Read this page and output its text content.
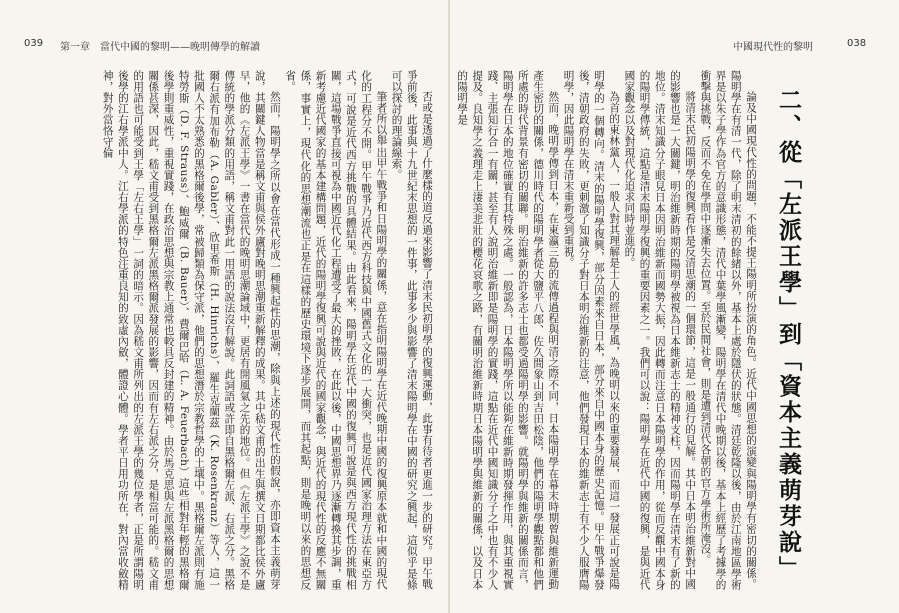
039 第一章　當代中國的黎明——晚明傳學的解讀

否或是透過了什麼樣的道反過來影響了清末民初明學的復興運動，此事有待者更進一步的研究。甲午戰爭前後，此事與十九世紀末思想的一件事，此事多少與影響了清末陽明學在中國的研究之興起，這似乎是條可以探討的理論線索。

筆者所以舉出甲午戰爭和日陽明學的關係，意在指明陽明學在近代晚期中國的復興原本就和中國的現代化的工程分不開。甲午戰爭乃近代西方科技與中國舊式文化的一大衝突，也是近代國家治理方法在東亞方式，可說是近代西方挑戰的具體結果。由此看來，陽明學在近代中國的復興可說是與西方現代性的挑戰相關，這場戰爭直接可視為中國近代化工程遭受了最大的挫敗，在此以後，中國思想界乃逐漸轉換其步調，重新考慮近代國家的基本建構問題，近代的陽明學復興可說與近代的國家觀念，與近代的現代性的反應不無關係，事實上，現代化的思想潮流也正是在這樣的歷史環境下逐步展開，而其起點，則是晚明以來的思想反省。

然而，陽明學之所以會在當代形成一種興起性的思潮，除與上述的現代性的假說，亦即資本主義萌芽說，其關鍵人物當是稱文甫與侯外廬對晚明思潮重新解釋的成果。其中嵇文甫的出生與撰文日期都比侯外廬早，他的《左派王學》一書在當代的晚明思潮論域中，更居有開風氣之先的地位。但《左派王學》之說不是傳統的學派分類的用語，稱文甫對此一用語的說法沒有解說。此詞語或許即自黑格爾左派、右派之分。黑格爾右派有加布勒（A. Gabler）、欣里希斯（H. Hinrichs）、羅生克蘭茲（K. Rosenkranz）等人，這一批國人不太熟悉的黑格爾後學，常被歸類為保守派，他們的思想潛於宗教哲學的土壤中。黑格爾左派則有施特勞斯（D. F. Strauss）、鮑威爾（B. Bauer）、費爾巴哈（L. A. Feuerbach）這些相對年輕的黑格爾後學則重威性，重視實踐，在政治思想與宗教上通常也較具反封建的精神。由於馬克思與左派黑格爾的思想關係甚深，因此，嵇文甫受到黑格爾左派黑格爾派發展的影響，因而有左右派之分，是相當可能的。嵇文甫的用語也可能受到王學「左右王學」一詞的暗示。因為嵇文甫所列出的左派王學的幾位學者，正是所謂陽明後學的江右學派中人。江右學派的特色注重良知的致虛內斂，體證心體。學者平日用功所在，對內當收斂精神，對外當恪守倫

中國現代性的黎明	038

論及中國現代性的問題，不能不提王陽明所扮演的角色。近代中國思想的演變與陽明學有密切的關係。陽明學在有清一代，除了明末清初的餘緒以外，基本上處於隱伏的狀態。清廷乾隆以後，由於江南地區學術界是以朱子學作為官方的意識形態，清代中葉學風漸變，陽明學在清代中晚期以後，基本上經歷了考據學的衝擊與挑戰，反而不免在學問中逐漸失去位置。至於民間社會，則是遭到清代各朝的官方學術所淹沒。

將清末民初陽明學的復興看作是反清思潮的一個環節，這是一般通行的見解。其中日本明治維新對中國的影響也是一大關鍵，明治維新時期的陽明學被視為日本維新志士的精神支柱，因而陽明學在清末有了新的地位。清末知識分子眼見日本因明治維新而國勢大振，因此轉而注意日本陽明學的作用，從而反觀中國本身的陽明學傳統，這點是清末陽明學復興的重要因素之一。我們可以說：陽明學在近代中國的復興，是與近代國家觀念以及對現代化追求同時並進的。

為首的東林黨人，一般人對其理解是士人的經世學風，為晚明以來的重要發展，而這一發展正可說是陽明學的一個轉向。清末的陽明學復興，部分因素來自日本，部分來自中國本身的歷史記憶。甲午戰爭爆發後，清朝政府的失敗，更刺激了知識分子對日本明治維新的注意，他們發現日本的維新志士有不少人服膺陽明學，因此陽明學在清末重新受到重視。

然而，晚明學傳到日本，在東瀛三島的流傳過程與明清之際不同，日本陽明學在幕末時期曾與維新運動產生密切的關係，德川時代的陽明學者從大鹽平八郎、佐久間象山到吉田松陰，他們的陽明學觀點都和他們所處的時代背景有密切的關聯。明治維新的許多志士也都受過陽明學的影響。就陽明學與維新的關係而言，陽明學在日本的地位確實有其特殊之處。一般認為，日本陽明學所以能夠在維新時期發揮作用，與其重視實踐、主張知行合一有關，甚至有人說明治維新即是陽明學的實踐，這點在近代中國知識分子之中也有不少人提及。良知學之義理走上淒美悲壯的櫻花哀歌之路，有關明治維新時期日本陽明學與維新的關係，以及日本的陽明學是	二、從「左派王學」到「資本主義萌芽說」
